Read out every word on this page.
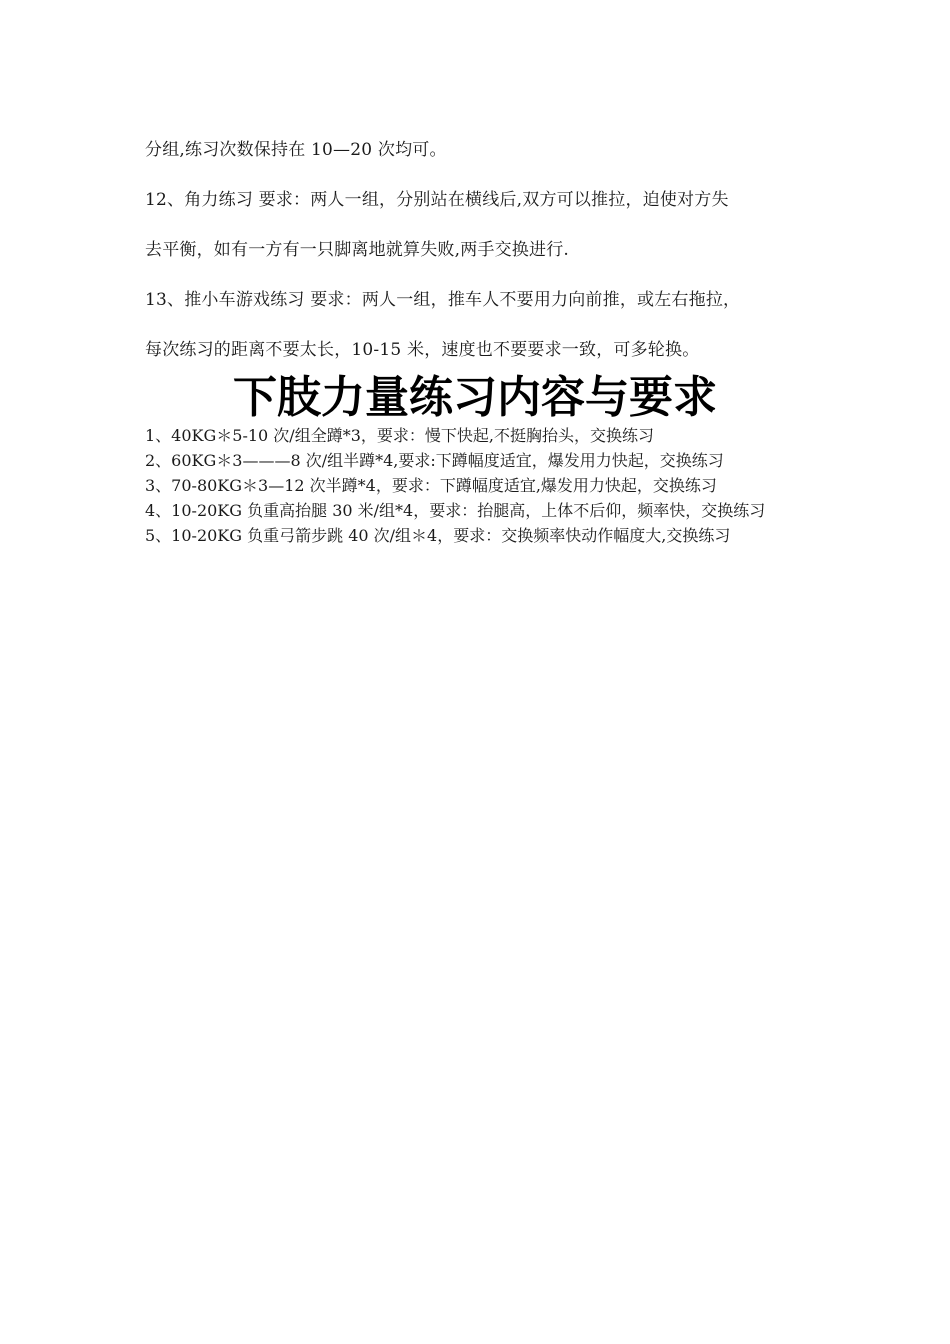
分组,练习次数保持在 10—20 次均可。
12、角力练习 要求：两人一组，分别站在横线后,双方可以推拉，迫使对方失
去平衡，如有一方有一只脚离地就算失败,两手交换进行.
13、推小车游戏练习 要求：两人一组，推车人不要用力向前推，或左右拖拉，
每次练习的距离不要太长，10-15 米，速度也不要要求一致，可多轮换。
下肢力量练习内容与要求
1、40KG＊5-10 次/组全蹲*3，要求：慢下快起,不挺胸抬头，交换练习
2、60KG＊3———8 次/组半蹲*4,要求:下蹲幅度适宜，爆发用力快起，交换练习
3、70-80KG＊3—12 次半蹲*4，要求：下蹲幅度适宜,爆发用力快起，交换练习
4、10-20KG 负重高抬腿 30 米/组*4，要求：抬腿高，上体不后仰，频率快，交换练习
5、10-20KG 负重弓箭步跳 40 次/组＊4，要求：交换频率快动作幅度大,交换练习
